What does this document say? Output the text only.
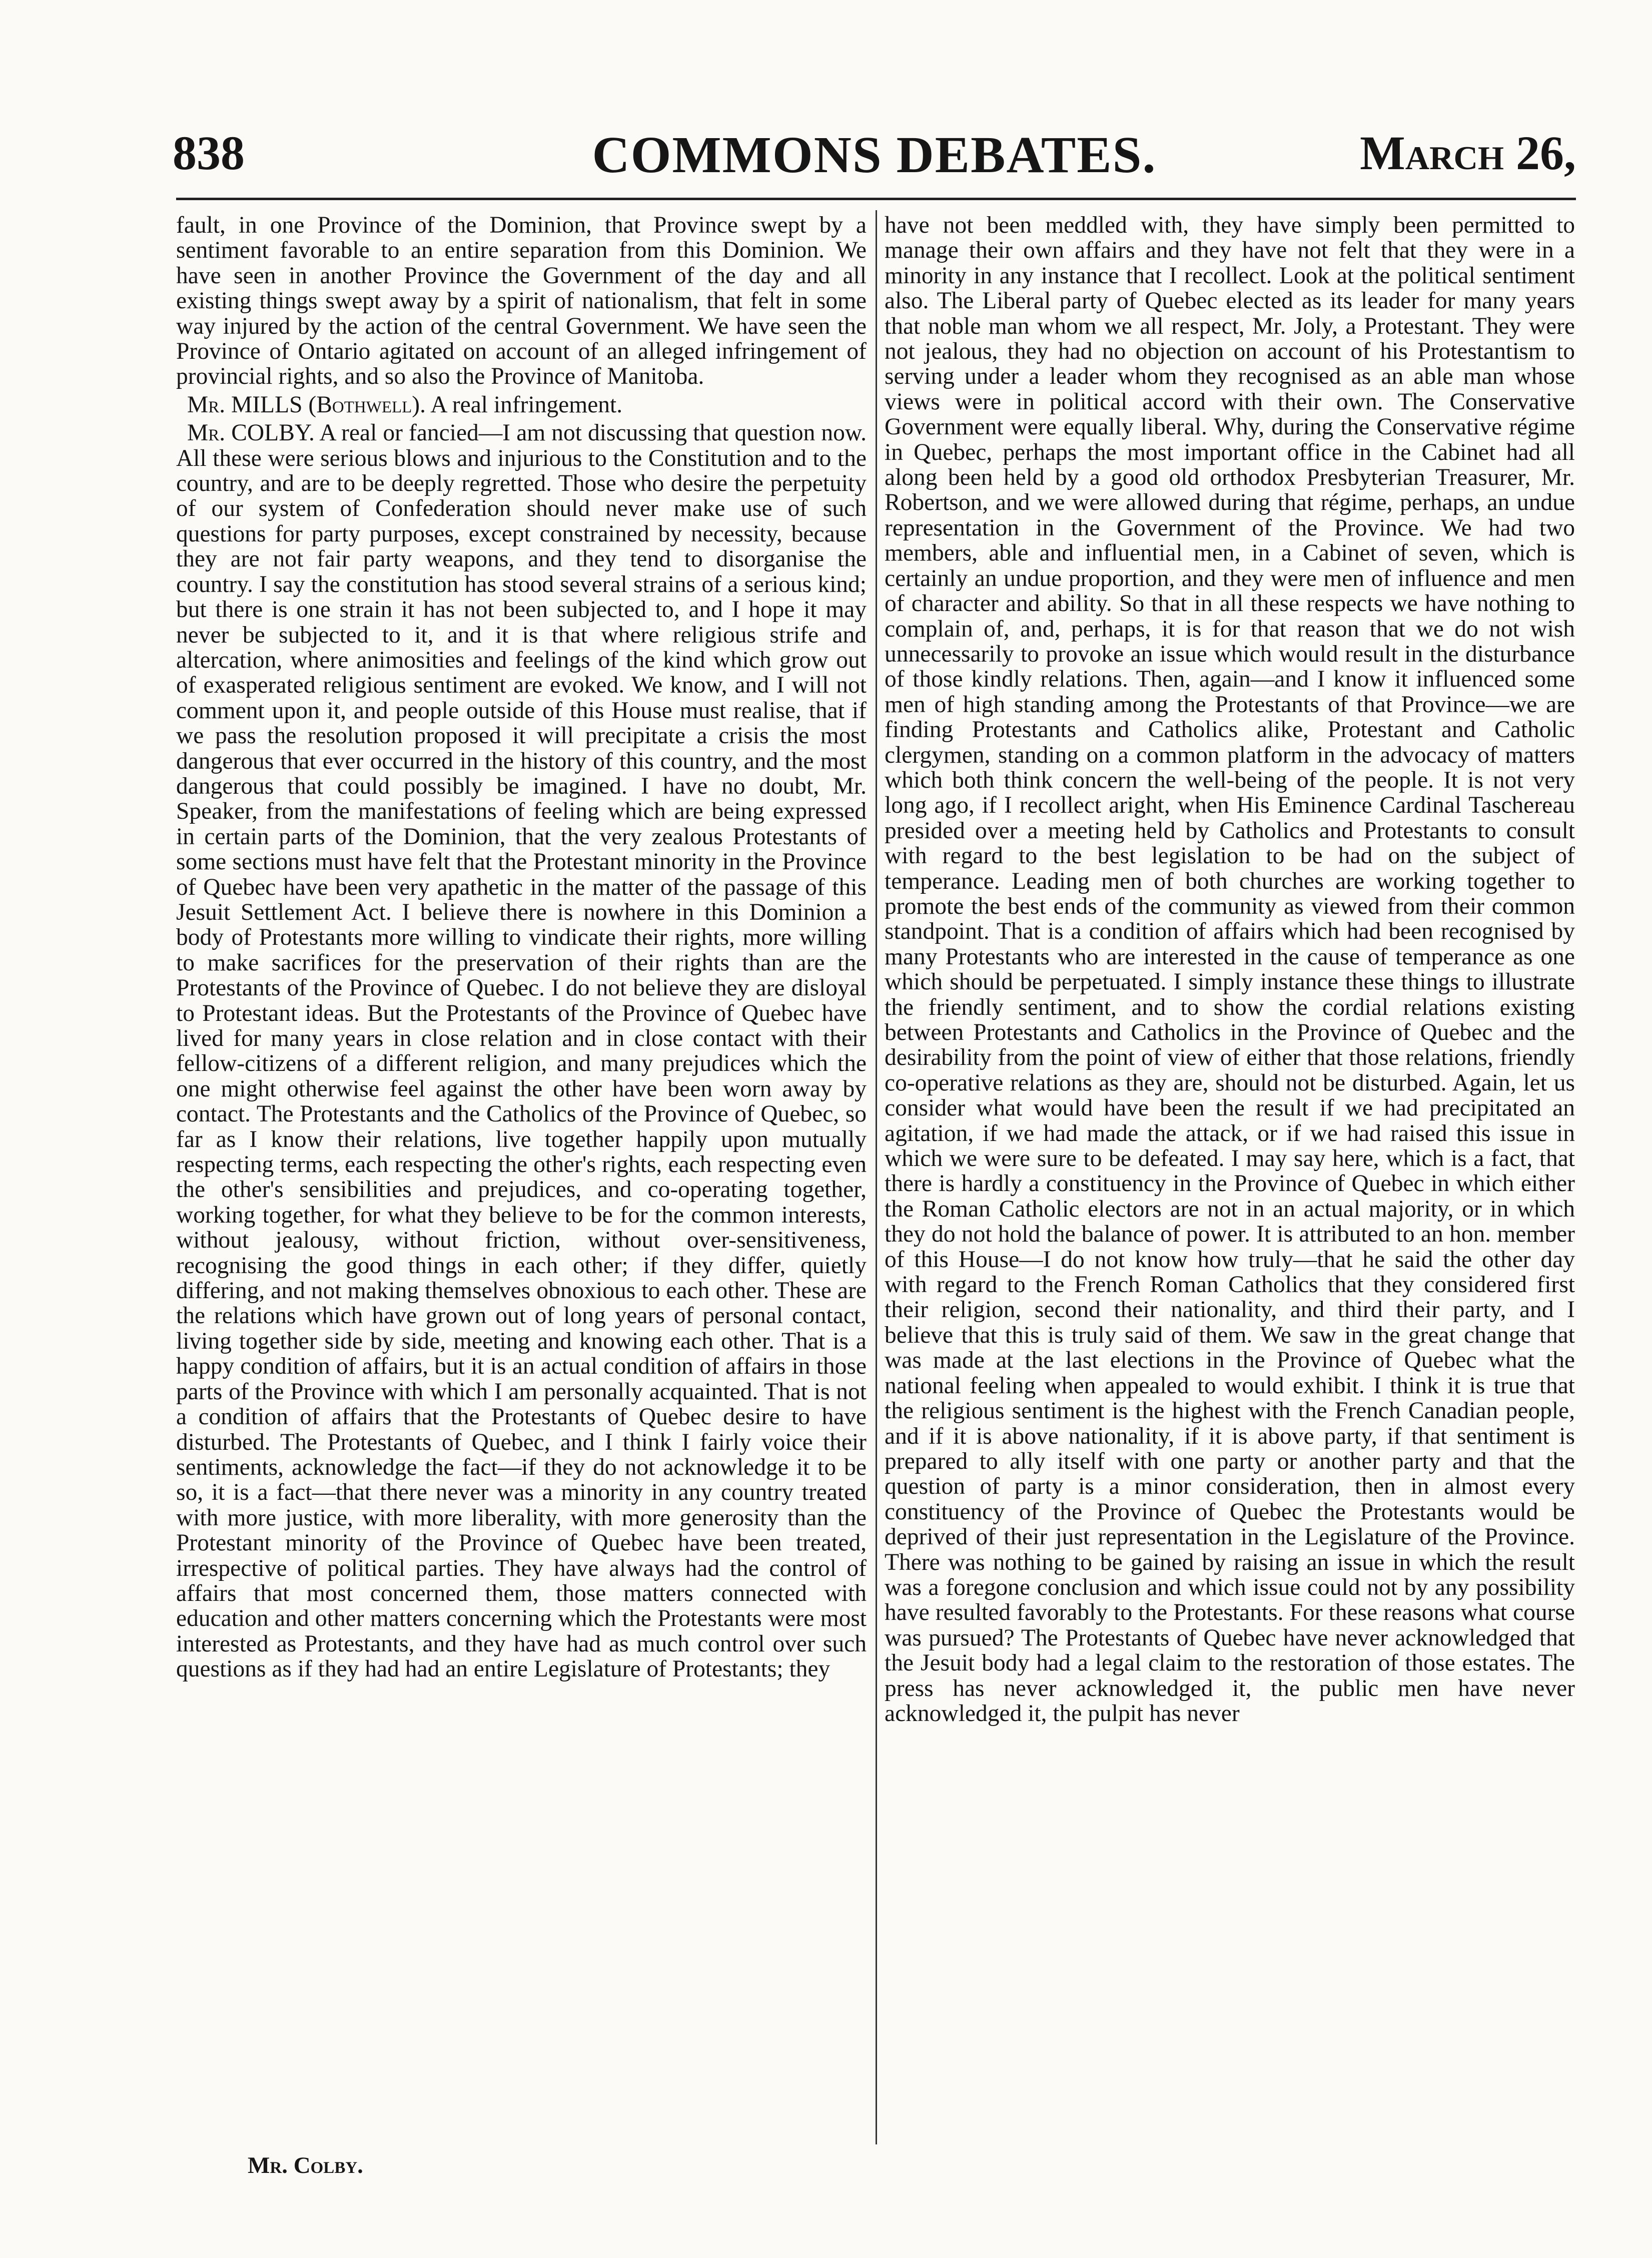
838	COMMONS DEBATES.	March 26,

fault, in one Province of the Dominion, that Province swept by a sentiment favorable to an entire separation from this Dominion. We have seen in another Province the Government of the day and all existing things swept away by a spirit of nationalism, that felt in some way injured by the action of the central Government. We have seen the Province of Ontario agitated on account of an alleged infringement of provincial rights, and so also the Province of Manitoba.

Mr. MILLS (Bothwell). A real infringement.

Mr. COLBY. A real or fancied—I am not discussing that question now. All these were serious blows and injurious to the Constitution and to the country, and are to be deeply regretted. Those who desire the perpetuity of our system of Confederation should never make use of such questions for party purposes, except constrained by necessity, because they are not fair party weapons, and they tend to disorganise the country. I say the constitution has stood several strains of a serious kind; but there is one strain it has not been subjected to, and I hope it may never be subjected to it, and it is that where religious strife and altercation, where animosities and feelings of the kind which grow out of exasperated religious sentiment are evoked. We know, and I will not comment upon it, and people outside of this House must realise, that if we pass the resolution proposed it will precipitate a crisis the most dangerous that ever occurred in the history of this country, and the most dangerous that could possibly be imagined. I have no doubt, Mr. Speaker, from the manifestations of feeling which are being expressed in certain parts of the Dominion, that the very zealous Protestants of some sections must have felt that the Protestant minority in the Province of Quebec have been very apathetic in the matter of the passage of this Jesuit Settlement Act. I believe there is nowhere in this Dominion a body of Protestants more willing to vindicate their rights, more willing to make sacrifices for the preservation of their rights than are the Protestants of the Province of Quebec. I do not believe they are disloyal to Protestant ideas. But the Protestants of the Province of Quebec have lived for many years in close relation and in close contact with their fellow-citizens of a different religion, and many prejudices which the one might otherwise feel against the other have been worn away by contact. The Protestants and the Catholics of the Province of Quebec, so far as I know their relations, live together happily upon mutually respecting terms, each respecting the other's rights, each respecting even the other's sensibilities and prejudices, and co-operating together, working together, for what they believe to be for the common interests, without jealousy, without friction, without over-sensitiveness, recognising the good things in each other; if they differ, quietly differing, and not making themselves obnoxious to each other. These are the relations which have grown out of long years of personal contact, living together side by side, meeting and knowing each other. That is a happy condition of affairs, but it is an actual condition of affairs in those parts of the Province with which I am personally acquainted. That is not a condition of affairs that the Protestants of Quebec desire to have disturbed. The Protestants of Quebec, and I think I fairly voice their sentiments, acknowledge the fact—if they do not acknowledge it to be so, it is a fact—that there never was a minority in any country treated with more justice, with more liberality, with more generosity than the Protestant minority of the Province of Quebec have been treated, irrespective of political parties. They have always had the control of affairs that most concerned them, those matters connected with education and other matters concerning which the Protestants were most interested as Protestants, and they have had as much control over such questions as if they had had an entire Legislature of Protestants; they

have not been meddled with, they have simply been permitted to manage their own affairs and they have not felt that they were in a minority in any instance that I recollect. Look at the political sentiment also. The Liberal party of Quebec elected as its leader for many years that noble man whom we all respect, Mr. Joly, a Protestant. They were not jealous, they had no objection on account of his Protestantism to serving under a leader whom they recognised as an able man whose views were in political accord with their own. The Conservative Government were equally liberal. Why, during the Conservative régime in Quebec, perhaps the most important office in the Cabinet had all along been held by a good old orthodox Presbyterian Treasurer, Mr. Robertson, and we were allowed during that régime, perhaps, an undue representation in the Government of the Province. We had two members, able and influential men, in a Cabinet of seven, which is certainly an undue proportion, and they were men of influence and men of character and ability. So that in all these respects we have nothing to complain of, and, perhaps, it is for that reason that we do not wish unnecessarily to provoke an issue which would result in the disturbance of those kindly relations. Then, again—and I know it influenced some men of high standing among the Protestants of that Province—we are finding Protestants and Catholics alike, Protestant and Catholic clergymen, standing on a common platform in the advocacy of matters which both think concern the well-being of the people. It is not very long ago, if I recollect aright, when His Eminence Cardinal Taschereau presided over a meeting held by Catholics and Protestants to consult with regard to the best legislation to be had on the subject of temperance. Leading men of both churches are working together to promote the best ends of the community as viewed from their common standpoint. That is a condition of affairs which had been recognised by many Protestants who are interested in the cause of temperance as one which should be perpetuated. I simply instance these things to illustrate the friendly sentiment, and to show the cordial relations existing between Protestants and Catholics in the Province of Quebec and the desirability from the point of view of either that those relations, friendly co-operative relations as they are, should not be disturbed. Again, let us consider what would have been the result if we had precipitated an agitation, if we had made the attack, or if we had raised this issue in which we were sure to be defeated. I may say here, which is a fact, that there is hardly a constituency in the Province of Quebec in which either the Roman Catholic electors are not in an actual majority, or in which they do not hold the balance of power. It is attributed to an hon. member of this House—I do not know how truly—that he said the other day with regard to the French Roman Catholics that they considered first their religion, second their nationality, and third their party, and I believe that this is truly said of them. We saw in the great change that was made at the last elections in the Province of Quebec what the national feeling when appealed to would exhibit. I think it is true that the religious sentiment is the highest with the French Canadian people, and if it is above nationality, if it is above party, if that sentiment is prepared to ally itself with one party or another party and that the question of party is a minor consideration, then in almost every constituency of the Province of Quebec the Protestants would be deprived of their just representation in the Legislature of the Province. There was nothing to be gained by raising an issue in which the result was a foregone conclusion and which issue could not by any possibility have resulted favorably to the Protestants. For these reasons what course was pursued? The Protestants of Quebec have never acknowledged that the Jesuit body had a legal claim to the restoration of those estates. The press has never acknowledged it, the public men have never acknowledged it, the pulpit has never

Mr. Colby.
